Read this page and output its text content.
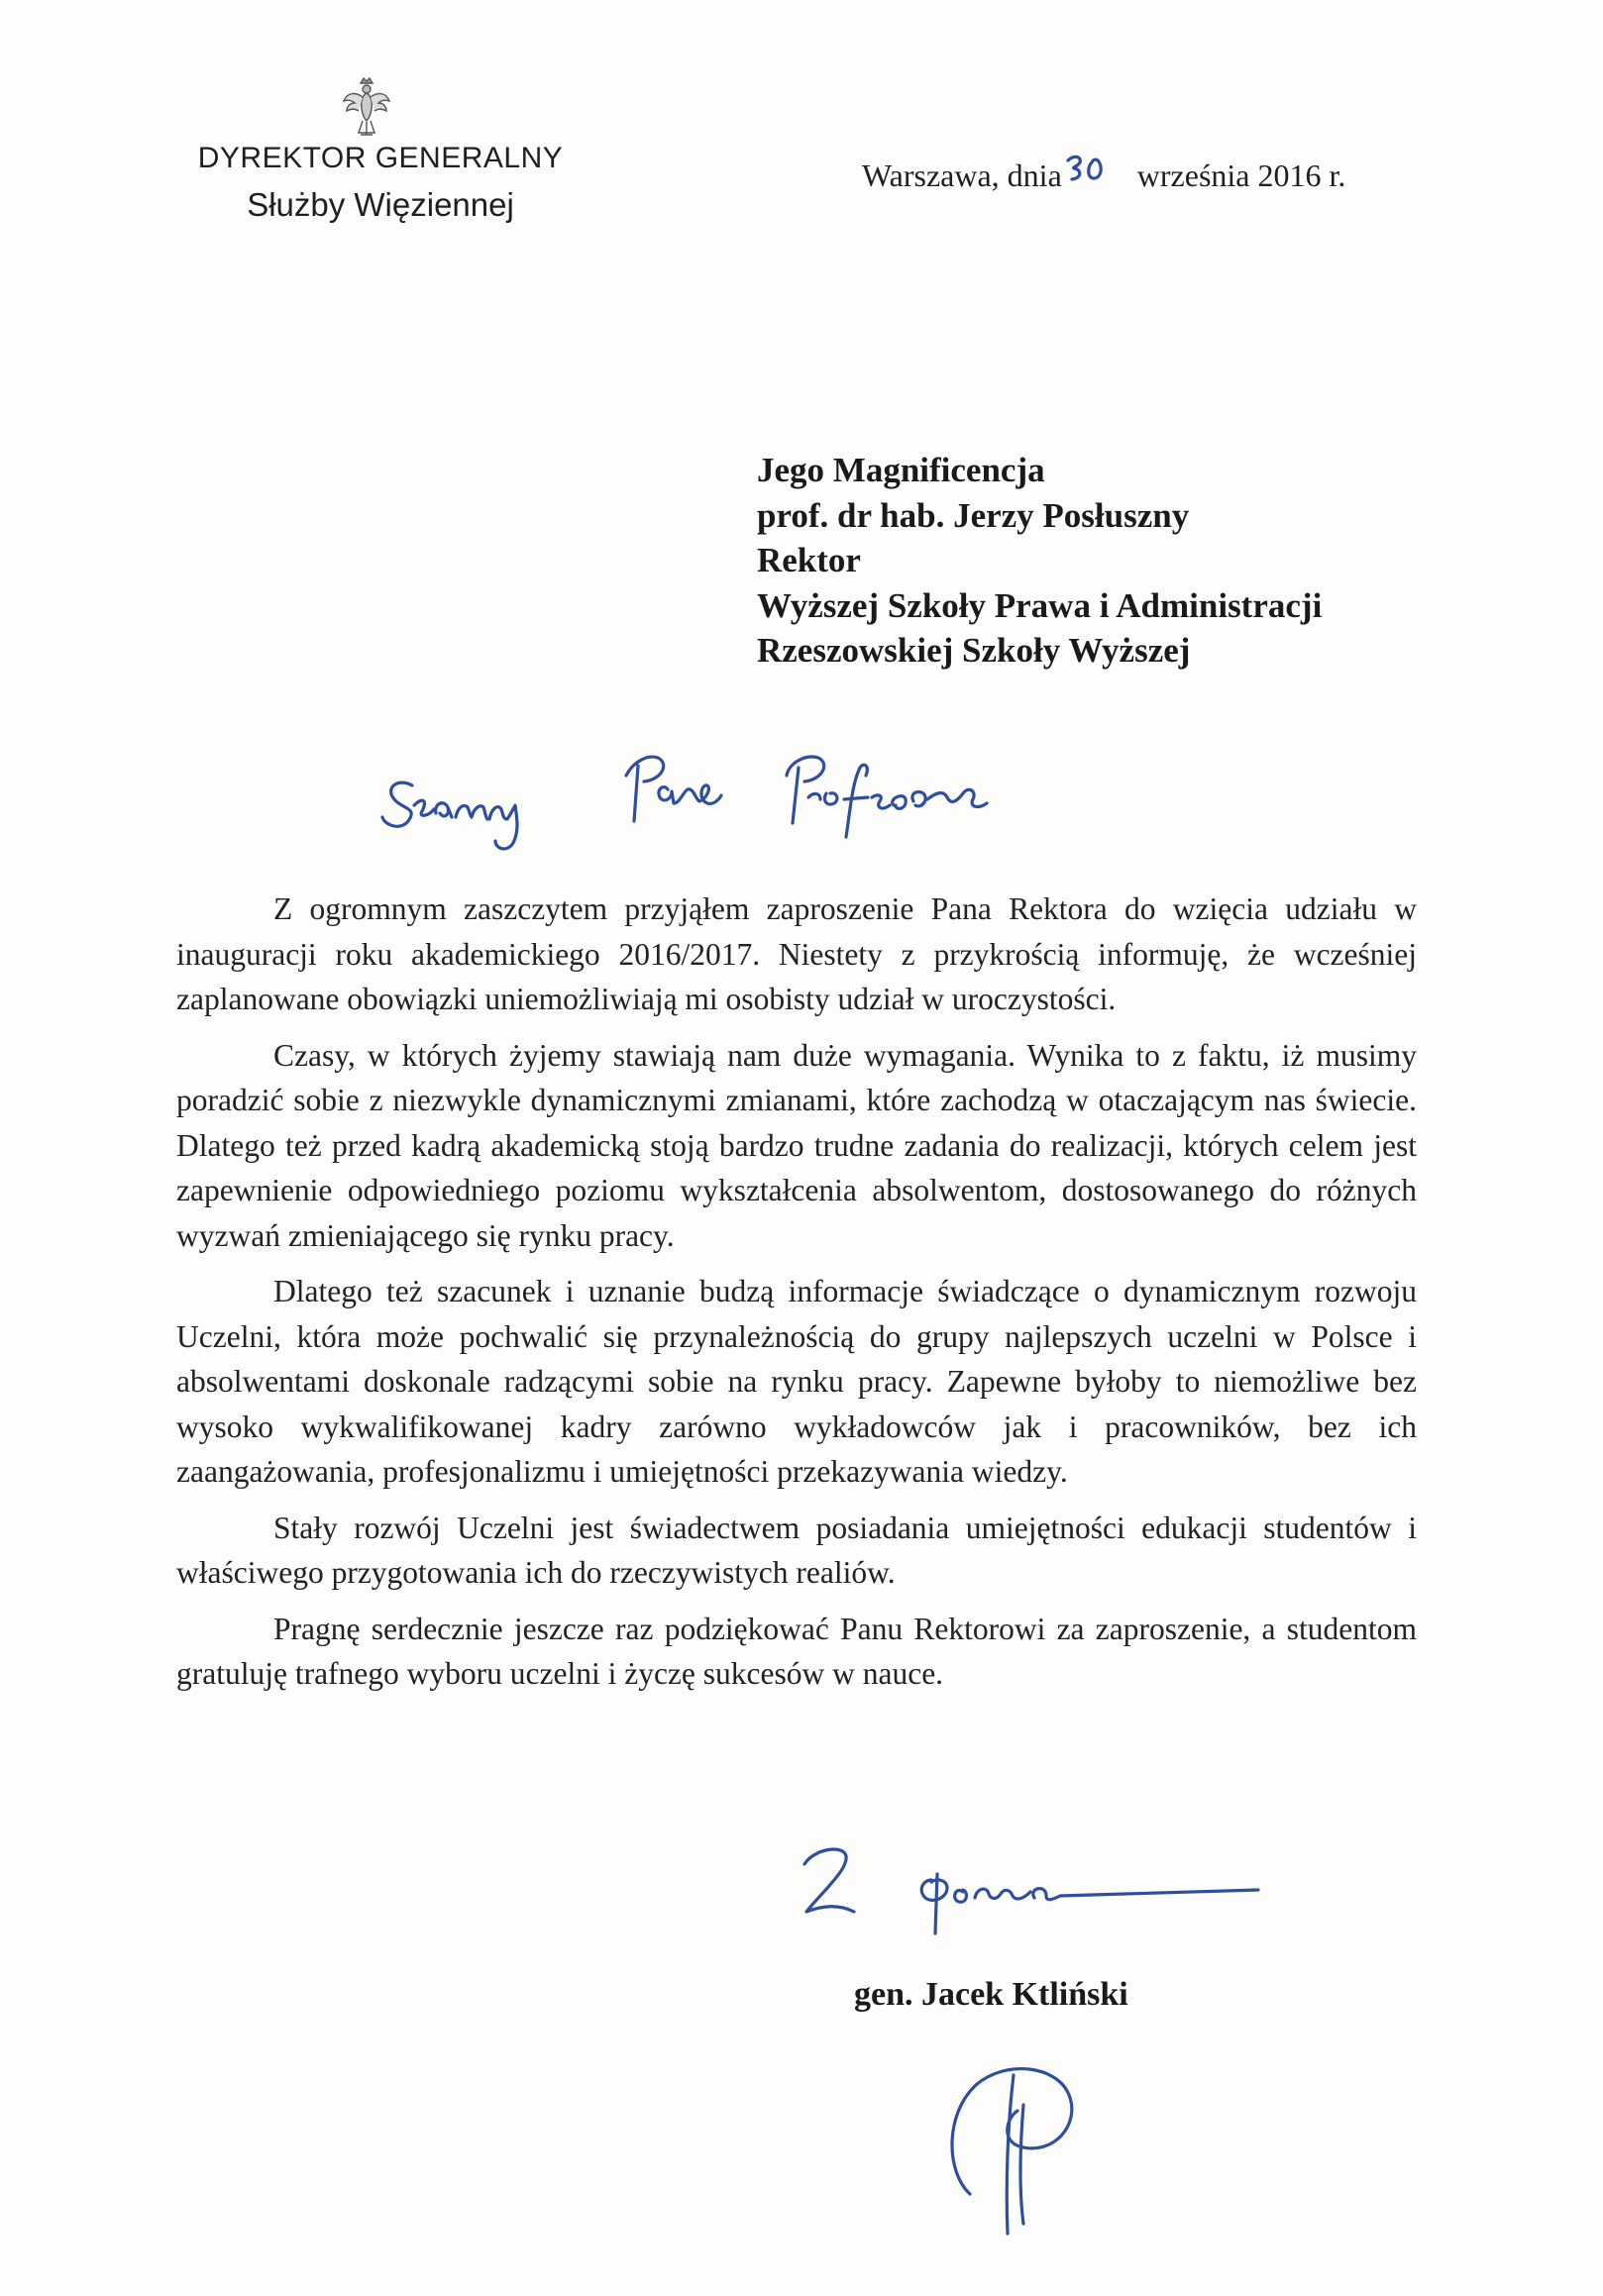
DYREKTOR GENERALNY
Służby Więziennej
Warszawa, dnia	30 września 2016 r.
Jego Magnificencja
prof. dr hab. Jerzy Posłuszny
Rektor
Wyższej Szkoły Prawa i Administracji
Rzeszowskiej Szkoły Wyższej

Z ogromnym zaszczytem przyjąłem zaproszenie Pana Rektora do wzięcia udziału w inauguracji roku akademickiego 2016/2017. Niestety z przykrością informuję, że wcześniej zaplanowane obowiązki uniemożliwiają mi osobisty udział w uroczystości.

Czasy, w których żyjemy stawiają nam duże wymagania. Wynika to z faktu, iż musimy poradzić sobie z niezwykle dynamicznymi zmianami, które zachodzą w otaczającym nas świecie. Dlatego też przed kadrą akademicką stoją bardzo trudne zadania do realizacji, których celem jest zapewnienie odpowiedniego poziomu wykształcenia absolwentom, dostosowanego do różnych wyzwań zmieniającego się rynku pracy.

Dlatego też szacunek i uznanie budzą informacje świadczące o dynamicznym rozwoju Uczelni, która może pochwalić się przynależnością do grupy najlepszych uczelni w Polsce i absolwentami doskonale radzącymi sobie na rynku pracy. Zapewne byłoby to niemożliwe bez wysoko wykwalifikowanej kadry zarówno wykładowców jak i pracowników, bez ich zaangażowania, profesjonalizmu i umiejętności przekazywania wiedzy.

Stały rozwój Uczelni jest świadectwem posiadania umiejętności edukacji studentów i właściwego przygotowania ich do rzeczywistych realiów.

Pragnę serdecznie jeszcze raz podziękować Panu Rektorowi za zaproszenie, a studentom gratuluję trafnego wyboru uczelni i życzę sukcesów w nauce.

gen. Jacek Ktliński
